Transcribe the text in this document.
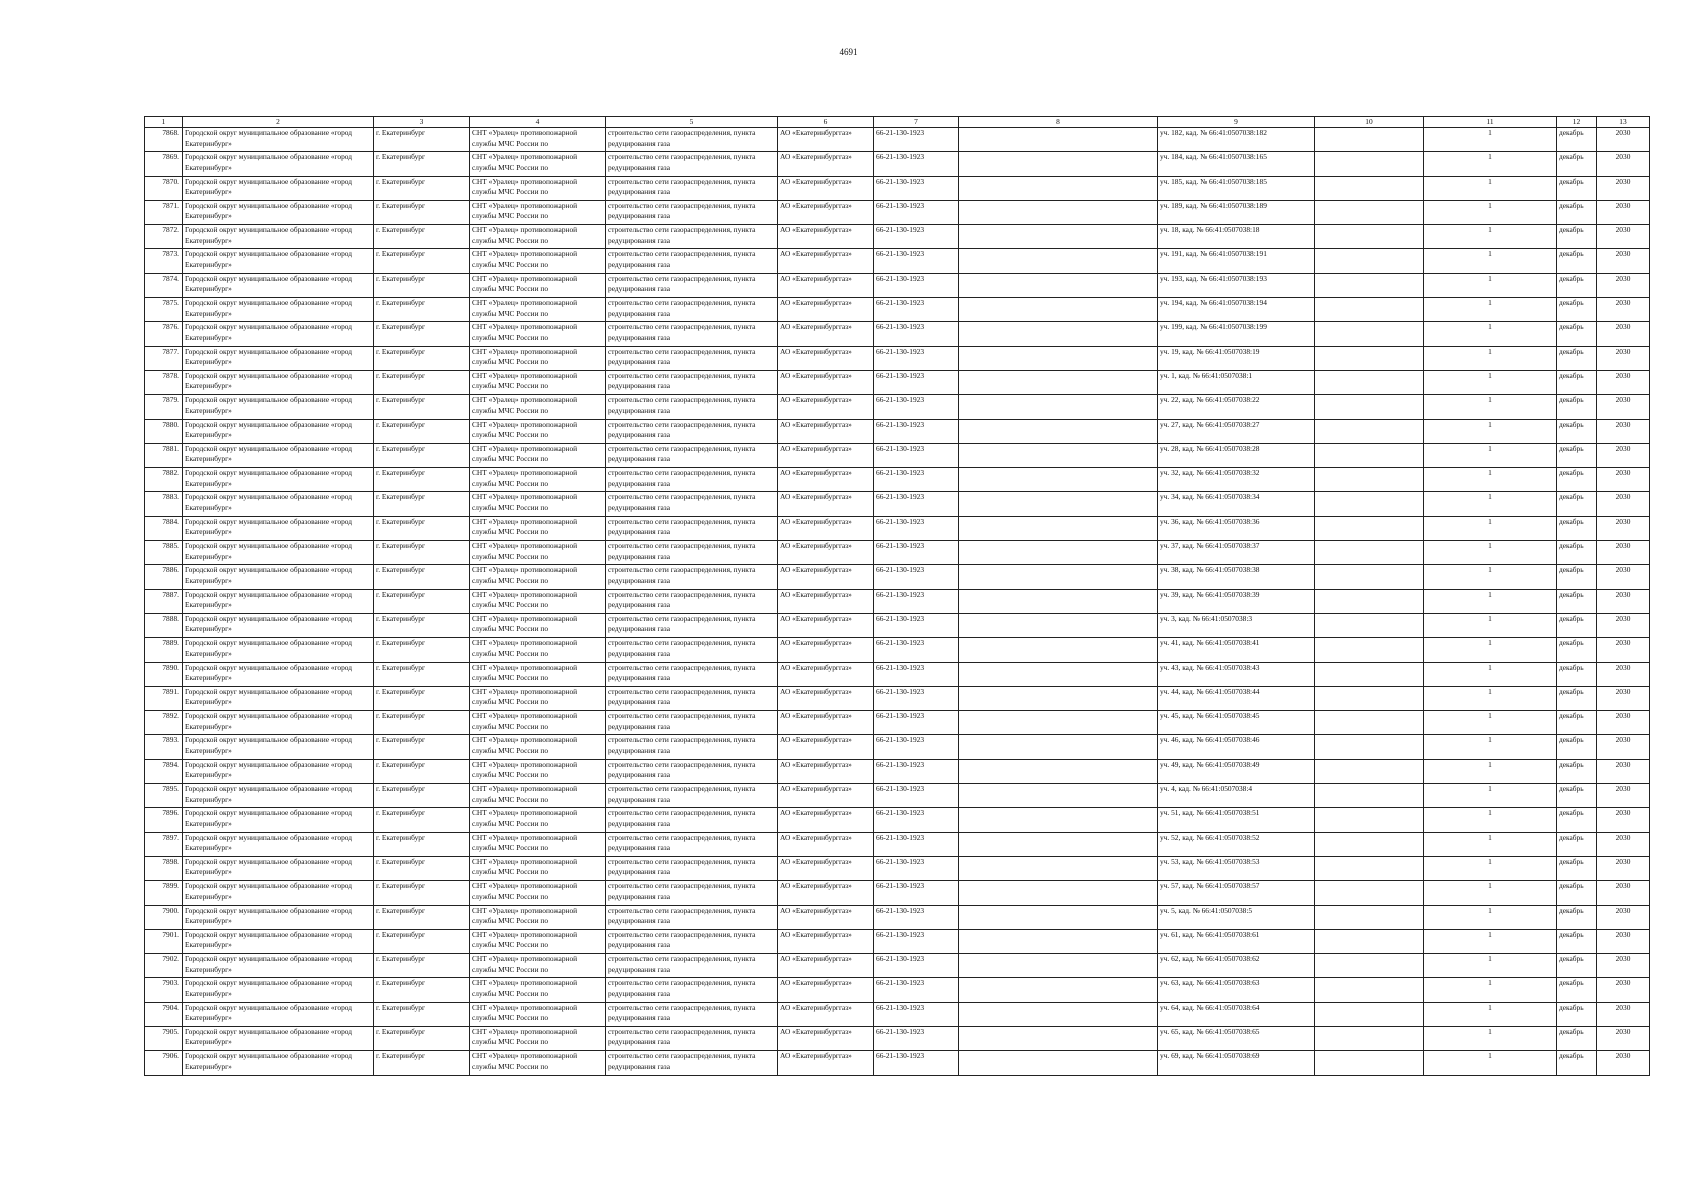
4691
1	2	3	4	5	6	7	8	9	10	11	12	13
7868.	Городской округ муниципальное образование «город Екатеринбург»	г. Екатеринбург	СНТ «Уралец» противопожарной службы МЧС России по	строительство сети газораспределения, пункта редуцирования газа	АО «Екатеринбурггаз»	66-21-130-1923		уч. 182, кад. № 66:41:0507038:182		1	декабрь	2030
7869.	Городской округ муниципальное образование «город Екатеринбург»	г. Екатеринбург	СНТ «Уралец» противопожарной службы МЧС России по	строительство сети газораспределения, пункта редуцирования газа	АО «Екатеринбурггаз»	66-21-130-1923		уч. 184, кад. № 66:41:0507038:165		1	декабрь	2030
7870.	Городской округ муниципальное образование «город Екатеринбург»	г. Екатеринбург	СНТ «Уралец» противопожарной службы МЧС России по	строительство сети газораспределения, пункта редуцирования газа	АО «Екатеринбурггаз»	66-21-130-1923		уч. 185, кад. № 66:41:0507038:185		1	декабрь	2030
7871.	Городской округ муниципальное образование «город Екатеринбург»	г. Екатеринбург	СНТ «Уралец» противопожарной службы МЧС России по	строительство сети газораспределения, пункта редуцирования газа	АО «Екатеринбурггаз»	66-21-130-1923		уч. 189, кад. № 66:41:0507038:189		1	декабрь	2030
7872.	Городской округ муниципальное образование «город Екатеринбург»	г. Екатеринбург	СНТ «Уралец» противопожарной службы МЧС России по	строительство сети газораспределения, пункта редуцирования газа	АО «Екатеринбурггаз»	66-21-130-1923		уч. 18, кад. № 66:41:0507038:18		1	декабрь	2030
7873.	Городской округ муниципальное образование «город Екатеринбург»	г. Екатеринбург	СНТ «Уралец» противопожарной службы МЧС России по	строительство сети газораспределения, пункта редуцирования газа	АО «Екатеринбурггаз»	66-21-130-1923		уч. 191, кад. № 66:41:0507038:191		1	декабрь	2030
7874.	Городской округ муниципальное образование «город Екатеринбург»	г. Екатеринбург	СНТ «Уралец» противопожарной службы МЧС России по	строительство сети газораспределения, пункта редуцирования газа	АО «Екатеринбурггаз»	66-21-130-1923		уч. 193, кад. № 66:41:0507038:193		1	декабрь	2030
7875.	Городской округ муниципальное образование «город Екатеринбург»	г. Екатеринбург	СНТ «Уралец» противопожарной службы МЧС России по	строительство сети газораспределения, пункта редуцирования газа	АО «Екатеринбурггаз»	66-21-130-1923		уч. 194, кад. № 66:41:0507038:194		1	декабрь	2030
7876.	Городской округ муниципальное образование «город Екатеринбург»	г. Екатеринбург	СНТ «Уралец» противопожарной службы МЧС России по	строительство сети газораспределения, пункта редуцирования газа	АО «Екатеринбурггаз»	66-21-130-1923		уч. 199, кад. № 66:41:0507038:199		1	декабрь	2030
7877.	Городской округ муниципальное образование «город Екатеринбург»	г. Екатеринбург	СНТ «Уралец» противопожарной службы МЧС России по	строительство сети газораспределения, пункта редуцирования газа	АО «Екатеринбурггаз»	66-21-130-1923		уч. 19, кад. № 66:41:0507038:19		1	декабрь	2030
7878.	Городской округ муниципальное образование «город Екатеринбург»	г. Екатеринбург	СНТ «Уралец» противопожарной службы МЧС России по	строительство сети газораспределения, пункта редуцирования газа	АО «Екатеринбурггаз»	66-21-130-1923		уч. 1, кад. № 66:41:0507038:1		1	декабрь	2030
7879.	Городской округ муниципальное образование «город Екатеринбург»	г. Екатеринбург	СНТ «Уралец» противопожарной службы МЧС России по	строительство сети газораспределения, пункта редуцирования газа	АО «Екатеринбурггаз»	66-21-130-1923		уч. 22, кад. № 66:41:0507038:22		1	декабрь	2030
7880.	Городской округ муниципальное образование «город Екатеринбург»	г. Екатеринбург	СНТ «Уралец» противопожарной службы МЧС России по	строительство сети газораспределения, пункта редуцирования газа	АО «Екатеринбурггаз»	66-21-130-1923		уч. 27, кад. № 66:41:0507038:27		1	декабрь	2030
7881.	Городской округ муниципальное образование «город Екатеринбург»	г. Екатеринбург	СНТ «Уралец» противопожарной службы МЧС России по	строительство сети газораспределения, пункта редуцирования газа	АО «Екатеринбурггаз»	66-21-130-1923		уч. 28, кад. № 66:41:0507038:28		1	декабрь	2030
7882.	Городской округ муниципальное образование «город Екатеринбург»	г. Екатеринбург	СНТ «Уралец» противопожарной службы МЧС России по	строительство сети газораспределения, пункта редуцирования газа	АО «Екатеринбурггаз»	66-21-130-1923		уч. 32, кад. № 66:41:0507038:32		1	декабрь	2030
7883.	Городской округ муниципальное образование «город Екатеринбург»	г. Екатеринбург	СНТ «Уралец» противопожарной службы МЧС России по	строительство сети газораспределения, пункта редуцирования газа	АО «Екатеринбурггаз»	66-21-130-1923		уч. 34, кад. № 66:41:0507038:34		1	декабрь	2030
7884.	Городской округ муниципальное образование «город Екатеринбург»	г. Екатеринбург	СНТ «Уралец» противопожарной службы МЧС России по	строительство сети газораспределения, пункта редуцирования газа	АО «Екатеринбурггаз»	66-21-130-1923		уч. 36, кад. № 66:41:0507038:36		1	декабрь	2030
7885.	Городской округ муниципальное образование «город Екатеринбург»	г. Екатеринбург	СНТ «Уралец» противопожарной службы МЧС России по	строительство сети газораспределения, пункта редуцирования газа	АО «Екатеринбурггаз»	66-21-130-1923		уч. 37, кад. № 66:41:0507038:37		1	декабрь	2030
7886.	Городской округ муниципальное образование «город Екатеринбург»	г. Екатеринбург	СНТ «Уралец» противопожарной службы МЧС России по	строительство сети газораспределения, пункта редуцирования газа	АО «Екатеринбурггаз»	66-21-130-1923		уч. 38, кад. № 66:41:0507038:38		1	декабрь	2030
7887.	Городской округ муниципальное образование «город Екатеринбург»	г. Екатеринбург	СНТ «Уралец» противопожарной службы МЧС России по	строительство сети газораспределения, пункта редуцирования газа	АО «Екатеринбурггаз»	66-21-130-1923		уч. 39, кад. № 66:41:0507038:39		1	декабрь	2030
7888.	Городской округ муниципальное образование «город Екатеринбург»	г. Екатеринбург	СНТ «Уралец» противопожарной службы МЧС России по	строительство сети газораспределения, пункта редуцирования газа	АО «Екатеринбурггаз»	66-21-130-1923		уч. 3, кад. № 66:41:0507038:3		1	декабрь	2030
7889.	Городской округ муниципальное образование «город Екатеринбург»	г. Екатеринбург	СНТ «Уралец» противопожарной службы МЧС России по	строительство сети газораспределения, пункта редуцирования газа	АО «Екатеринбурггаз»	66-21-130-1923		уч. 41, кад. № 66:41:0507038:41		1	декабрь	2030
7890.	Городской округ муниципальное образование «город Екатеринбург»	г. Екатеринбург	СНТ «Уралец» противопожарной службы МЧС России по	строительство сети газораспределения, пункта редуцирования газа	АО «Екатеринбурггаз»	66-21-130-1923		уч. 43, кад. № 66:41:0507038:43		1	декабрь	2030
7891.	Городской округ муниципальное образование «город Екатеринбург»	г. Екатеринбург	СНТ «Уралец» противопожарной службы МЧС России по	строительство сети газораспределения, пункта редуцирования газа	АО «Екатеринбурггаз»	66-21-130-1923		уч. 44, кад. № 66:41:0507038:44		1	декабрь	2030
7892.	Городской округ муниципальное образование «город Екатеринбург»	г. Екатеринбург	СНТ «Уралец» противопожарной службы МЧС России по	строительство сети газораспределения, пункта редуцирования газа	АО «Екатеринбурггаз»	66-21-130-1923		уч. 45, кад. № 66:41:0507038:45		1	декабрь	2030
7893.	Городской округ муниципальное образование «город Екатеринбург»	г. Екатеринбург	СНТ «Уралец» противопожарной службы МЧС России по	строительство сети газораспределения, пункта редуцирования газа	АО «Екатеринбурггаз»	66-21-130-1923		уч. 46, кад. № 66:41:0507038:46		1	декабрь	2030
7894.	Городской округ муниципальное образование «город Екатеринбург»	г. Екатеринбург	СНТ «Уралец» противопожарной службы МЧС России по	строительство сети газораспределения, пункта редуцирования газа	АО «Екатеринбурггаз»	66-21-130-1923		уч. 49, кад. № 66:41:0507038:49		1	декабрь	2030
7895.	Городской округ муниципальное образование «город Екатеринбург»	г. Екатеринбург	СНТ «Уралец» противопожарной службы МЧС России по	строительство сети газораспределения, пункта редуцирования газа	АО «Екатеринбурггаз»	66-21-130-1923		уч. 4, кад. № 66:41:0507038:4		1	декабрь	2030
7896.	Городской округ муниципальное образование «город Екатеринбург»	г. Екатеринбург	СНТ «Уралец» противопожарной службы МЧС России по	строительство сети газораспределения, пункта редуцирования газа	АО «Екатеринбурггаз»	66-21-130-1923		уч. 51, кад. № 66:41:0507038:51		1	декабрь	2030
7897.	Городской округ муниципальное образование «город Екатеринбург»	г. Екатеринбург	СНТ «Уралец» противопожарной службы МЧС России по	строительство сети газораспределения, пункта редуцирования газа	АО «Екатеринбурггаз»	66-21-130-1923		уч. 52, кад. № 66:41:0507038:52		1	декабрь	2030
7898.	Городской округ муниципальное образование «город Екатеринбург»	г. Екатеринбург	СНТ «Уралец» противопожарной службы МЧС России по	строительство сети газораспределения, пункта редуцирования газа	АО «Екатеринбурггаз»	66-21-130-1923		уч. 53, кад. № 66:41:0507038:53		1	декабрь	2030
7899.	Городской округ муниципальное образование «город Екатеринбург»	г. Екатеринбург	СНТ «Уралец» противопожарной службы МЧС России по	строительство сети газораспределения, пункта редуцирования газа	АО «Екатеринбурггаз»	66-21-130-1923		уч. 57, кад. № 66:41:0507038:57		1	декабрь	2030
7900.	Городской округ муниципальное образование «город Екатеринбург»	г. Екатеринбург	СНТ «Уралец» противопожарной службы МЧС России по	строительство сети газораспределения, пункта редуцирования газа	АО «Екатеринбурггаз»	66-21-130-1923		уч. 5, кад. № 66:41:0507038:5		1	декабрь	2030
7901.	Городской округ муниципальное образование «город Екатеринбург»	г. Екатеринбург	СНТ «Уралец» противопожарной службы МЧС России по	строительство сети газораспределения, пункта редуцирования газа	АО «Екатеринбурггаз»	66-21-130-1923		уч. 61, кад. № 66:41:0507038:61		1	декабрь	2030
7902.	Городской округ муниципальное образование «город Екатеринбург»	г. Екатеринбург	СНТ «Уралец» противопожарной службы МЧС России по	строительство сети газораспределения, пункта редуцирования газа	АО «Екатеринбурггаз»	66-21-130-1923		уч. 62, кад. № 66:41:0507038:62		1	декабрь	2030
7903.	Городской округ муниципальное образование «город Екатеринбург»	г. Екатеринбург	СНТ «Уралец» противопожарной службы МЧС России по	строительство сети газораспределения, пункта редуцирования газа	АО «Екатеринбурггаз»	66-21-130-1923		уч. 63, кад. № 66:41:0507038:63		1	декабрь	2030
7904.	Городской округ муниципальное образование «город Екатеринбург»	г. Екатеринбург	СНТ «Уралец» противопожарной службы МЧС России по	строительство сети газораспределения, пункта редуцирования газа	АО «Екатеринбурггаз»	66-21-130-1923		уч. 64, кад. № 66:41:0507038:64		1	декабрь	2030
7905.	Городской округ муниципальное образование «город Екатеринбург»	г. Екатеринбург	СНТ «Уралец» противопожарной службы МЧС России по	строительство сети газораспределения, пункта редуцирования газа	АО «Екатеринбурггаз»	66-21-130-1923		уч. 65, кад. № 66:41:0507038:65		1	декабрь	2030
7906.	Городской округ муниципальное образование «город Екатеринбург»	г. Екатеринбург	СНТ «Уралец» противопожарной службы МЧС России по	строительство сети газораспределения, пункта редуцирования газа	АО «Екатеринбурггаз»	66-21-130-1923		уч. 69, кад. № 66:41:0507038:69		1	декабрь	2030
